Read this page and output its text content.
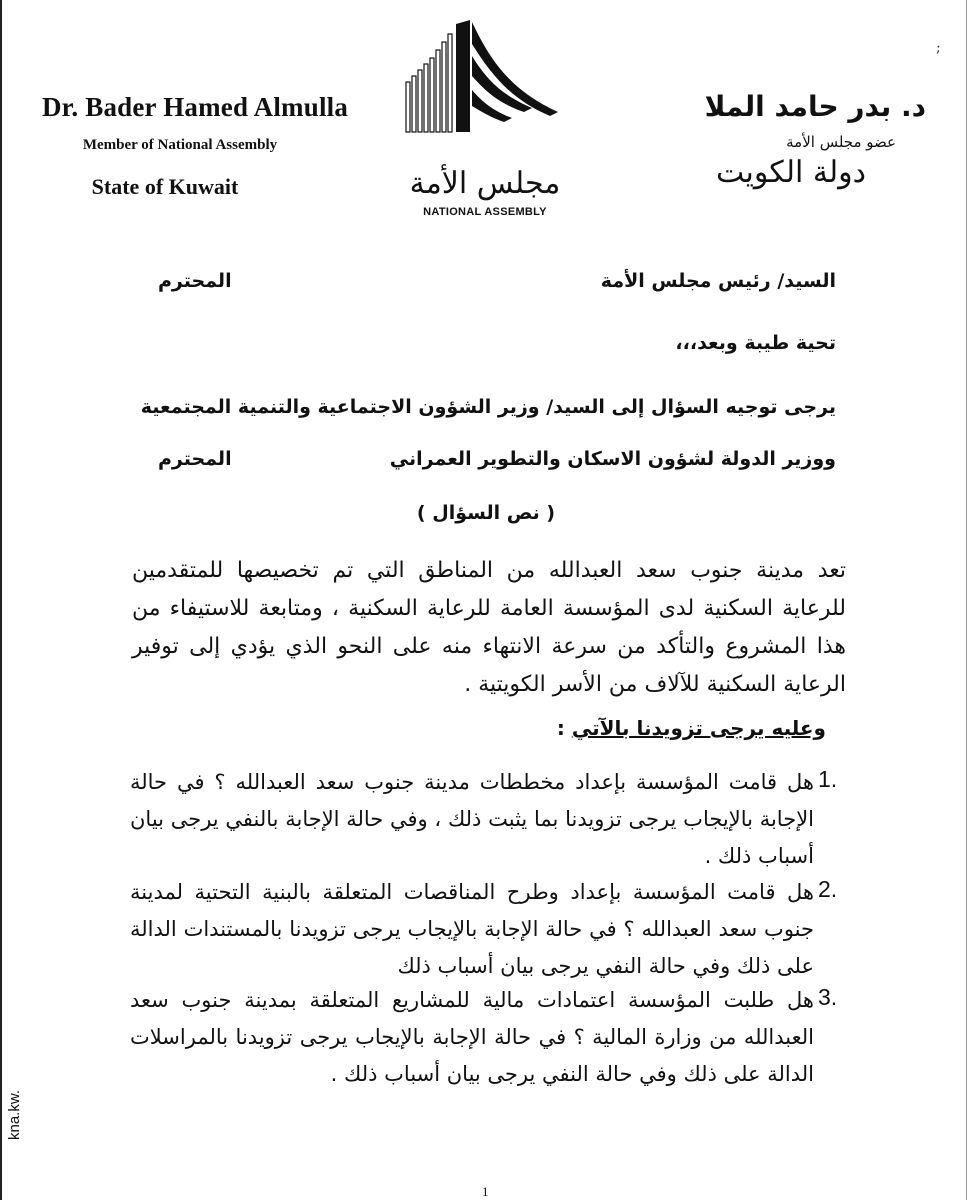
;
Dr. Bader Hamed Almulla
Member of National Assembly
State of Kuwait	مجلس الأمة
NATIONAL ASSEMBLY
د. بدر حامد الملا
عضو مجلس الأمة
دولة الكويت
السيد/ رئيس مجلس الأمة
المحترم
تحية طيبة وبعد،،،
يرجى توجيه السؤال إلى السيد/ وزير الشؤون الاجتماعية والتنمية المجتمعية
ووزير الدولة لشؤون الاسكان والتطوير العمراني
المحترم
( نص السؤال )
تعد مدينة جنوب سعد العبدالله من المناطق التي تم تخصيصها للمتقدمين للرعاية السكنية لدى المؤسسة العامة للرعاية السكنية ، ومتابعة للاستيفاء من هذا المشروع والتأكد من سرعة الانتهاء منه على النحو الذي يؤدي إلى توفير الرعاية السكنية للآلاف من الأسر الكويتية .
وعليه يرجى تزويدنا بالآتي :
1.
هل قامت المؤسسة بإعداد مخططات مدينة جنوب سعد العبدالله ؟ في حالة الإجابة بالإيجاب يرجى تزويدنا بما يثبت ذلك ، وفي حالة الإجابة بالنفي يرجى بيان أسباب ذلك .
2.
هل قامت المؤسسة بإعداد وطرح المناقصات المتعلقة بالبنية التحتية لمدينة جنوب سعد العبدالله ؟ في حالة الإجابة بالإيجاب يرجى تزويدنا بالمستندات الدالة على ذلك وفي حالة النفي يرجى بيان أسباب ذلك
3.
هل طلبت المؤسسة اعتمادات مالية للمشاريع المتعلقة بمدينة جنوب سعد العبدالله من وزارة المالية ؟ في حالة الإجابة بالإيجاب يرجى تزويدنا بالمراسلات الدالة على ذلك وفي حالة النفي يرجى بيان أسباب ذلك .
kna.kw.
1
